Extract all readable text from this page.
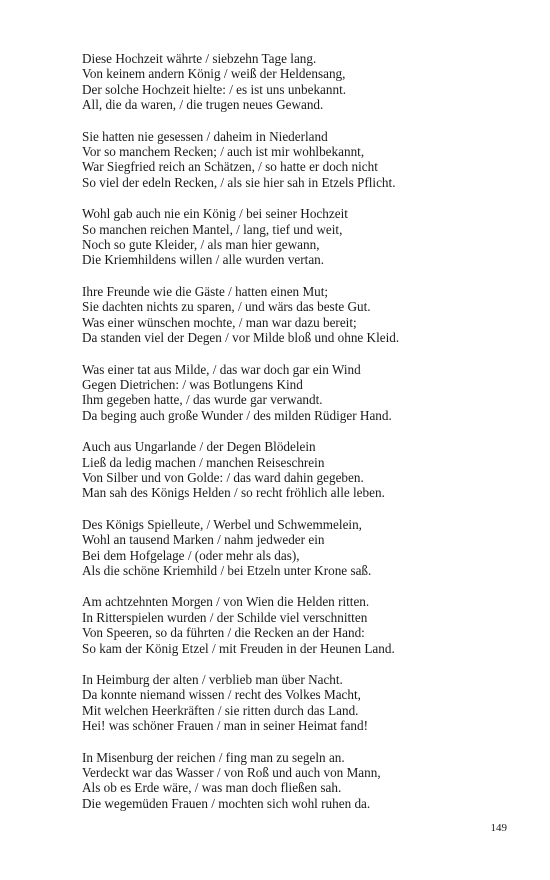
Diese Hochzeit währte / siebzehn Tage lang.
Von keinem andern König / weiß der Heldensang,
Der solche Hochzeit hielte: / es ist uns unbekannt.
All, die da waren, / die trugen neues Gewand.
Sie hatten nie gesessen / daheim in Niederland
Vor so manchem Recken; / auch ist mir wohlbekannt,
War Siegfried reich an Schätzen, / so hatte er doch nicht
So viel der edeln Recken, / als sie hier sah in Etzels Pflicht.
Wohl gab auch nie ein König / bei seiner Hochzeit
So manchen reichen Mantel, / lang, tief und weit,
Noch so gute Kleider, / als man hier gewann,
Die Kriemhildens willen / alle wurden vertan.
Ihre Freunde wie die Gäste / hatten einen Mut;
Sie dachten nichts zu sparen, / und wärs das beste Gut.
Was einer wünschen mochte, / man war dazu bereit;
Da standen viel der Degen / vor Milde bloß und ohne Kleid.
Was einer tat aus Milde, / das war doch gar ein Wind
Gegen Dietrichen: / was Botlungens Kind
Ihm gegeben hatte, / das wurde gar verwandt.
Da beging auch große Wunder / des milden Rüdiger Hand.
Auch aus Ungarlande / der Degen Blödelein
Ließ da ledig machen / manchen Reiseschrein
Von Silber und von Golde: / das ward dahin gegeben.
Man sah des Königs Helden / so recht fröhlich alle leben.
Des Königs Spielleute, / Werbel und Schwemmelein,
Wohl an tausend Marken / nahm jedweder ein
Bei dem Hofgelage / (oder mehr als das),
Als die schöne Kriemhild / bei Etzeln unter Krone saß.
Am achtzehnten Morgen / von Wien die Helden ritten.
In Ritterspielen wurden / der Schilde viel verschnitten
Von Speeren, so da führten / die Recken an der Hand:
So kam der König Etzel / mit Freuden in der Heunen Land.
In Heimburg der alten / verblieb man über Nacht.
Da konnte niemand wissen / recht des Volkes Macht,
Mit welchen Heerkräften / sie ritten durch das Land.
Hei! was schöner Frauen / man in seiner Heimat fand!
In Misenburg der reichen / fing man zu segeln an.
Verdeckt war das Wasser / von Roß und auch von Mann,
Als ob es Erde wäre, / was man doch fließen sah.
Die wegemüden Frauen / mochten sich wohl ruhen da.
149
